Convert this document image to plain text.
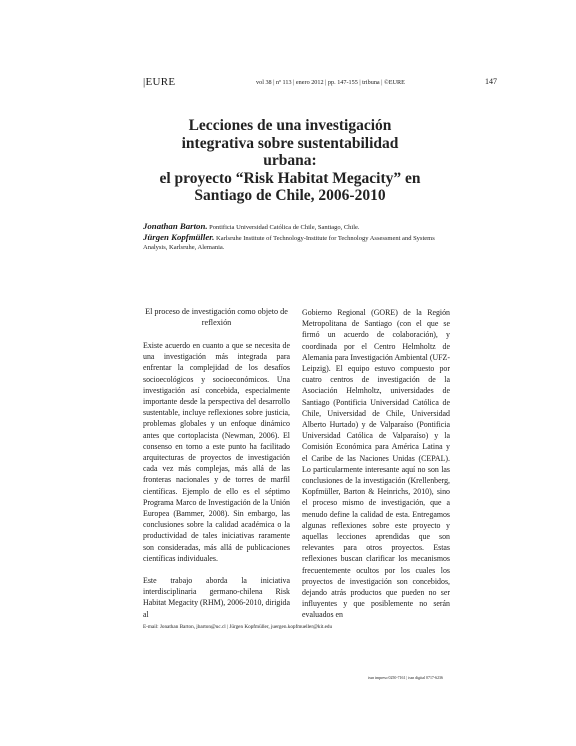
|EURE	vol 38 | nº 113 | enero 2012 | pp. 147-155 | tribuna | ©EURE	147
Lecciones de una investigación
integrativa sobre sustentabilidad
urbana:
el proyecto “Risk Habitat Megacity” en
Santiago de Chile, 2006-2010
Jonathan Barton. Pontificia Universidad Católica de Chile, Santiago, Chile.
Jürgen Kopfmüller. Karlsruhe Institute of Technology-Institute for Technology Assessment and Systems Analysis, Karlsruhe, Alemania.
El proceso de investigación como objeto de reflexión

Existe acuerdo en cuanto a que se necesita de una investigación más integrada para enfrentar la complejidad de los desafíos socioecológicos y socioeconómicos. Una investigación así concebida, especialmente importante desde la perspectiva del desarrollo sustentable, incluye reflexiones sobre justicia, problemas globales y un enfoque dinámico antes que cortoplacista (Newman, 2006). El consenso en torno a este punto ha facilitado arquitecturas de proyectos de investigación cada vez más complejas, más allá de las fronteras nacionales y de torres de marfil científicas. Ejemplo de ello es el séptimo Programa Marco de Investigación de la Unión Europea (Bammer, 2008). Sin embargo, las conclusiones sobre la calidad académica o la productividad de tales iniciativas raramente son consideradas, más allá de publicaciones científicas individuales.

Este trabajo aborda la iniciativa interdisciplinaria germano-chilena Risk Habitat Megacity (RHM), 2006-2010, dirigida al

Gobierno Regional (GORE) de la Región Metropolitana de Santiago (con el que se firmó un acuerdo de colaboración), y coordinada por el Centro Helmholtz de Alemania para Investigación Ambiental (UFZ-Leipzig). El equipo estuvo compuesto por cuatro centros de investigación de la Asociación Helmholtz, universidades de Santiago (Pontificia Universidad Católica de Chile, Universidad de Chile, Universidad Alberto Hurtado) y de Valparaíso (Pontificia Universidad Católica de Valparaíso) y la Comisión Económica para América Latina y el Caribe de las Naciones Unidas (CEPAL). Lo particularmente interesante aquí no son las conclusiones de la investigación (Krellenberg, Kopfmüller, Barton & Heinrichs, 2010), sino el proceso mismo de investigación, que a menudo define la calidad de esta. Entregamos algunas reflexiones sobre este proyecto y aquellas lecciones aprendidas que son relevantes para otros proyectos. Estas reflexiones buscan clarificar los mecanismos frecuentemente ocultos por los cuales los proyectos de investigación son concebidos, dejando atrás productos que pueden no ser influyentes y que posiblemente no serán evaluados en

E-mail: Jonathan Barton, jbarton@uc.cl | Jürgen Kopfmüller, juergen.kopfmueller@kit.edu
issn impreso 0250-7161 | issn digital 0717-6236
